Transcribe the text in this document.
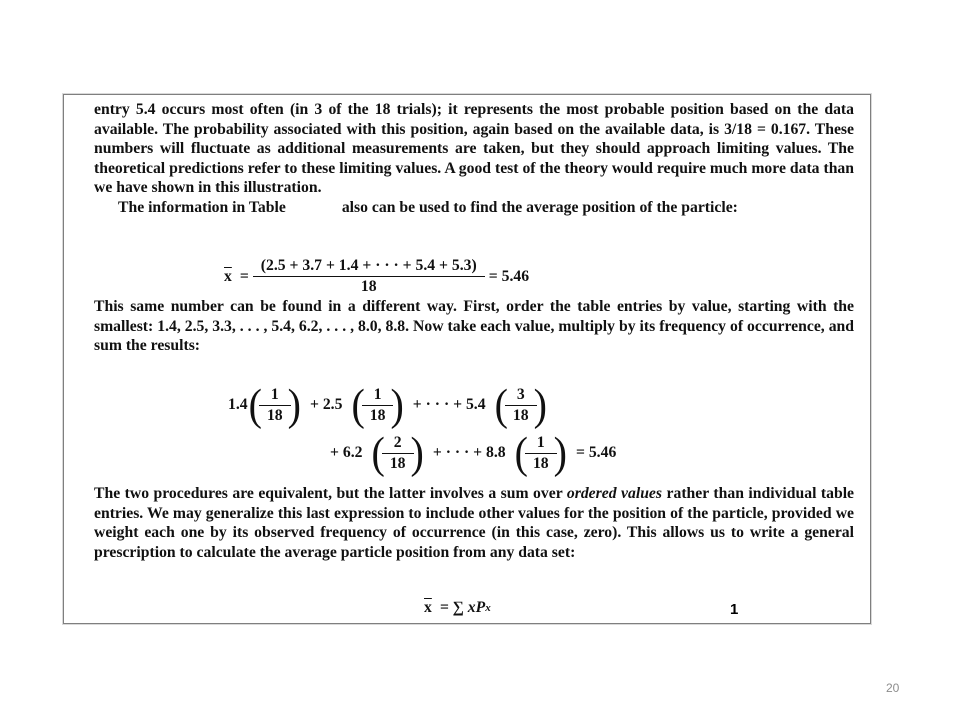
entry 5.4 occurs most often (in 3 of the 18 trials); it represents the most probable position based on the data available. The probability associated with this position, again based on the available data, is 3/18 = 0.167. These numbers will fluctuate as additional measurements are taken, but they should approach limiting values. The theoretical predictions refer to these limiting values. A good test of the theory would require much more data than we have shown in this illustration.
The information in Table	also can be used to find the average position of the particle:

$\overline{x} = \frac{(2.5 + 3.7 + 1.4 + \cdot \cdot \cdot + 5.4 + 5.3)}{18} = 5.46$

This same number can be found in a different way. First, order the table entries by value, starting with the smallest: 1.4, 2.5, 3.3, . . . , 5.4, 6.2, . . . , 8.0, 8.8. Now take each value, multiply by its frequency of occurrence, and sum the results:

1.4 ( $\frac{1}{18}$ ) + 2.5 ( $\frac{1}{18}$ ) + · · · + 5.4 ( $\frac{3}{18}$ )
+ 6.2 ( $\frac{2}{18}$ ) + · · · + 8.8 ( $\frac{1}{18}$ ) = 5.46

The two procedures are equivalent, but the latter involves a sum over ordered values rather than individual table entries. We may generalize this last expression to include other values for the position of the particle, provided we weight each one by its observed frequency of occurrence (in this case, zero). This allows us to write a general prescription to calculate the average particle position from any data set:

$\overline{x}$ = ∑ xP x	1
20
